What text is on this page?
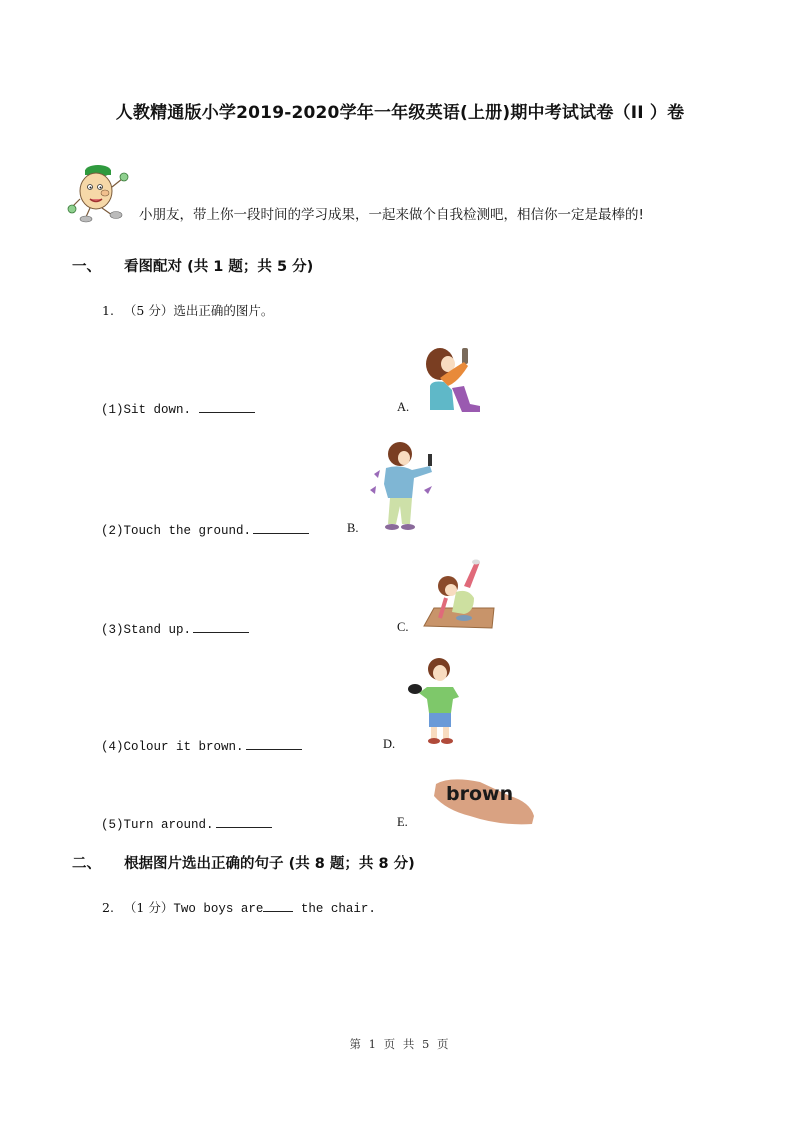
人教精通版小学2019-2020学年一年级英语(上册)期中考试试卷（II ）卷
小朋友，带上你一段时间的学习成果，一起来做个自我检测吧，相信你一定是最棒的!
一、 看图配对 (共 1 题；共 5 分)
1. （5 分）选出正确的图片。
(1)Sit down.
(2)Touch the ground.
(3)Stand up.
(4)Colour it brown.
(5)Turn around.
A.
B.
C.
D.
E.
brown
二、 根据图片选出正确的句子 (共 8 题；共 8 分)
2. （1 分）Two boys are the chair.
第 1 页 共 5 页
